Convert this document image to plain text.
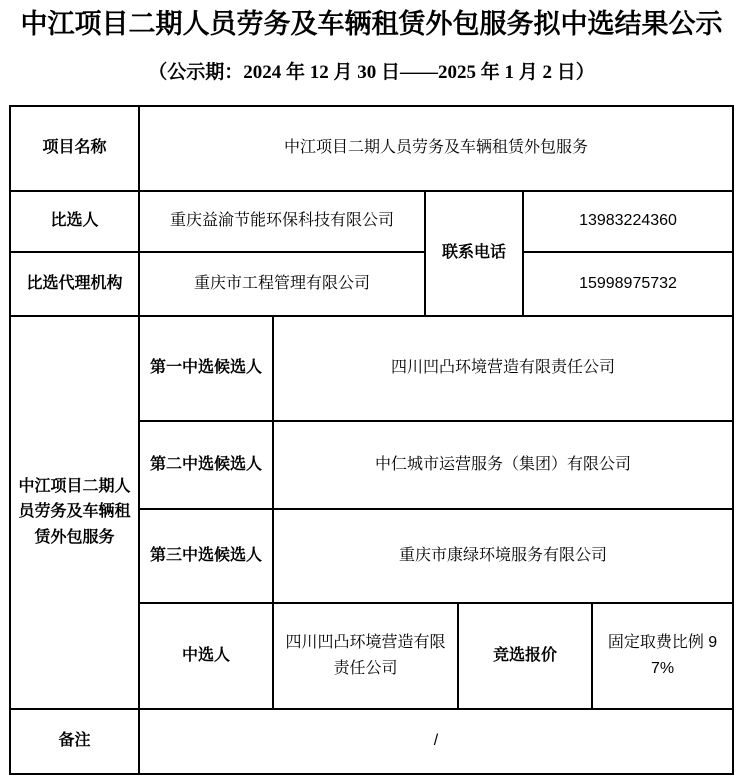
中江项目二期人员劳务及车辆租赁外包服务拟中选结果公示
（公示期：2024 年 12 月 30 日——2025 年 1 月 2 日）
项目名称	中江项目二期人员劳务及车辆租赁外包服务					
比选人	重庆益渝节能环保科技有限公司		联系电话		13983224360	
比选代理机构	重庆市工程管理有限公司				15998975732	
中江项目二期人员劳务及车辆租赁外包服务	第一中选候选人	四川凹凸环境营造有限责任公司				
	第二中选候选人	中仁城市运营服务（集团）有限公司				
	第三中选候选人	重庆市康绿环境服务有限公司				
	中选人	四川凹凸环境营造有限责任公司		竞选报价		固定取费比例 97%
备注	/					
